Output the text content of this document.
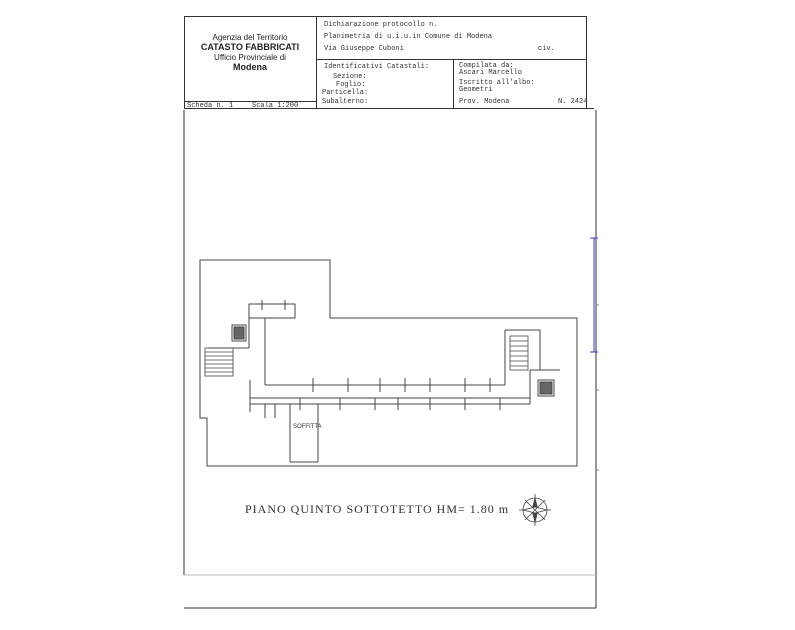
Agenzia del Territorio
CATASTO FABBRICATI
Ufficio Provinciale di
Modena
Dichiarazione protocollo n.
Planimetria di u.i.u.in Comune di Modena
Via Giuseppe Cuboni	civ.
Identificativi Catastali:
Sezione:
Foglio:
Particella:
Subalterno:
Compilata da:
Ascari Marcello
Iscritto all'albo:
Geometri
Prov. Modena	N. 2424
Scheda n. 1	Scala 1:200
SOFFITTA
PIANO QUINTO SOTTOTETTO HM= 1.80 m
